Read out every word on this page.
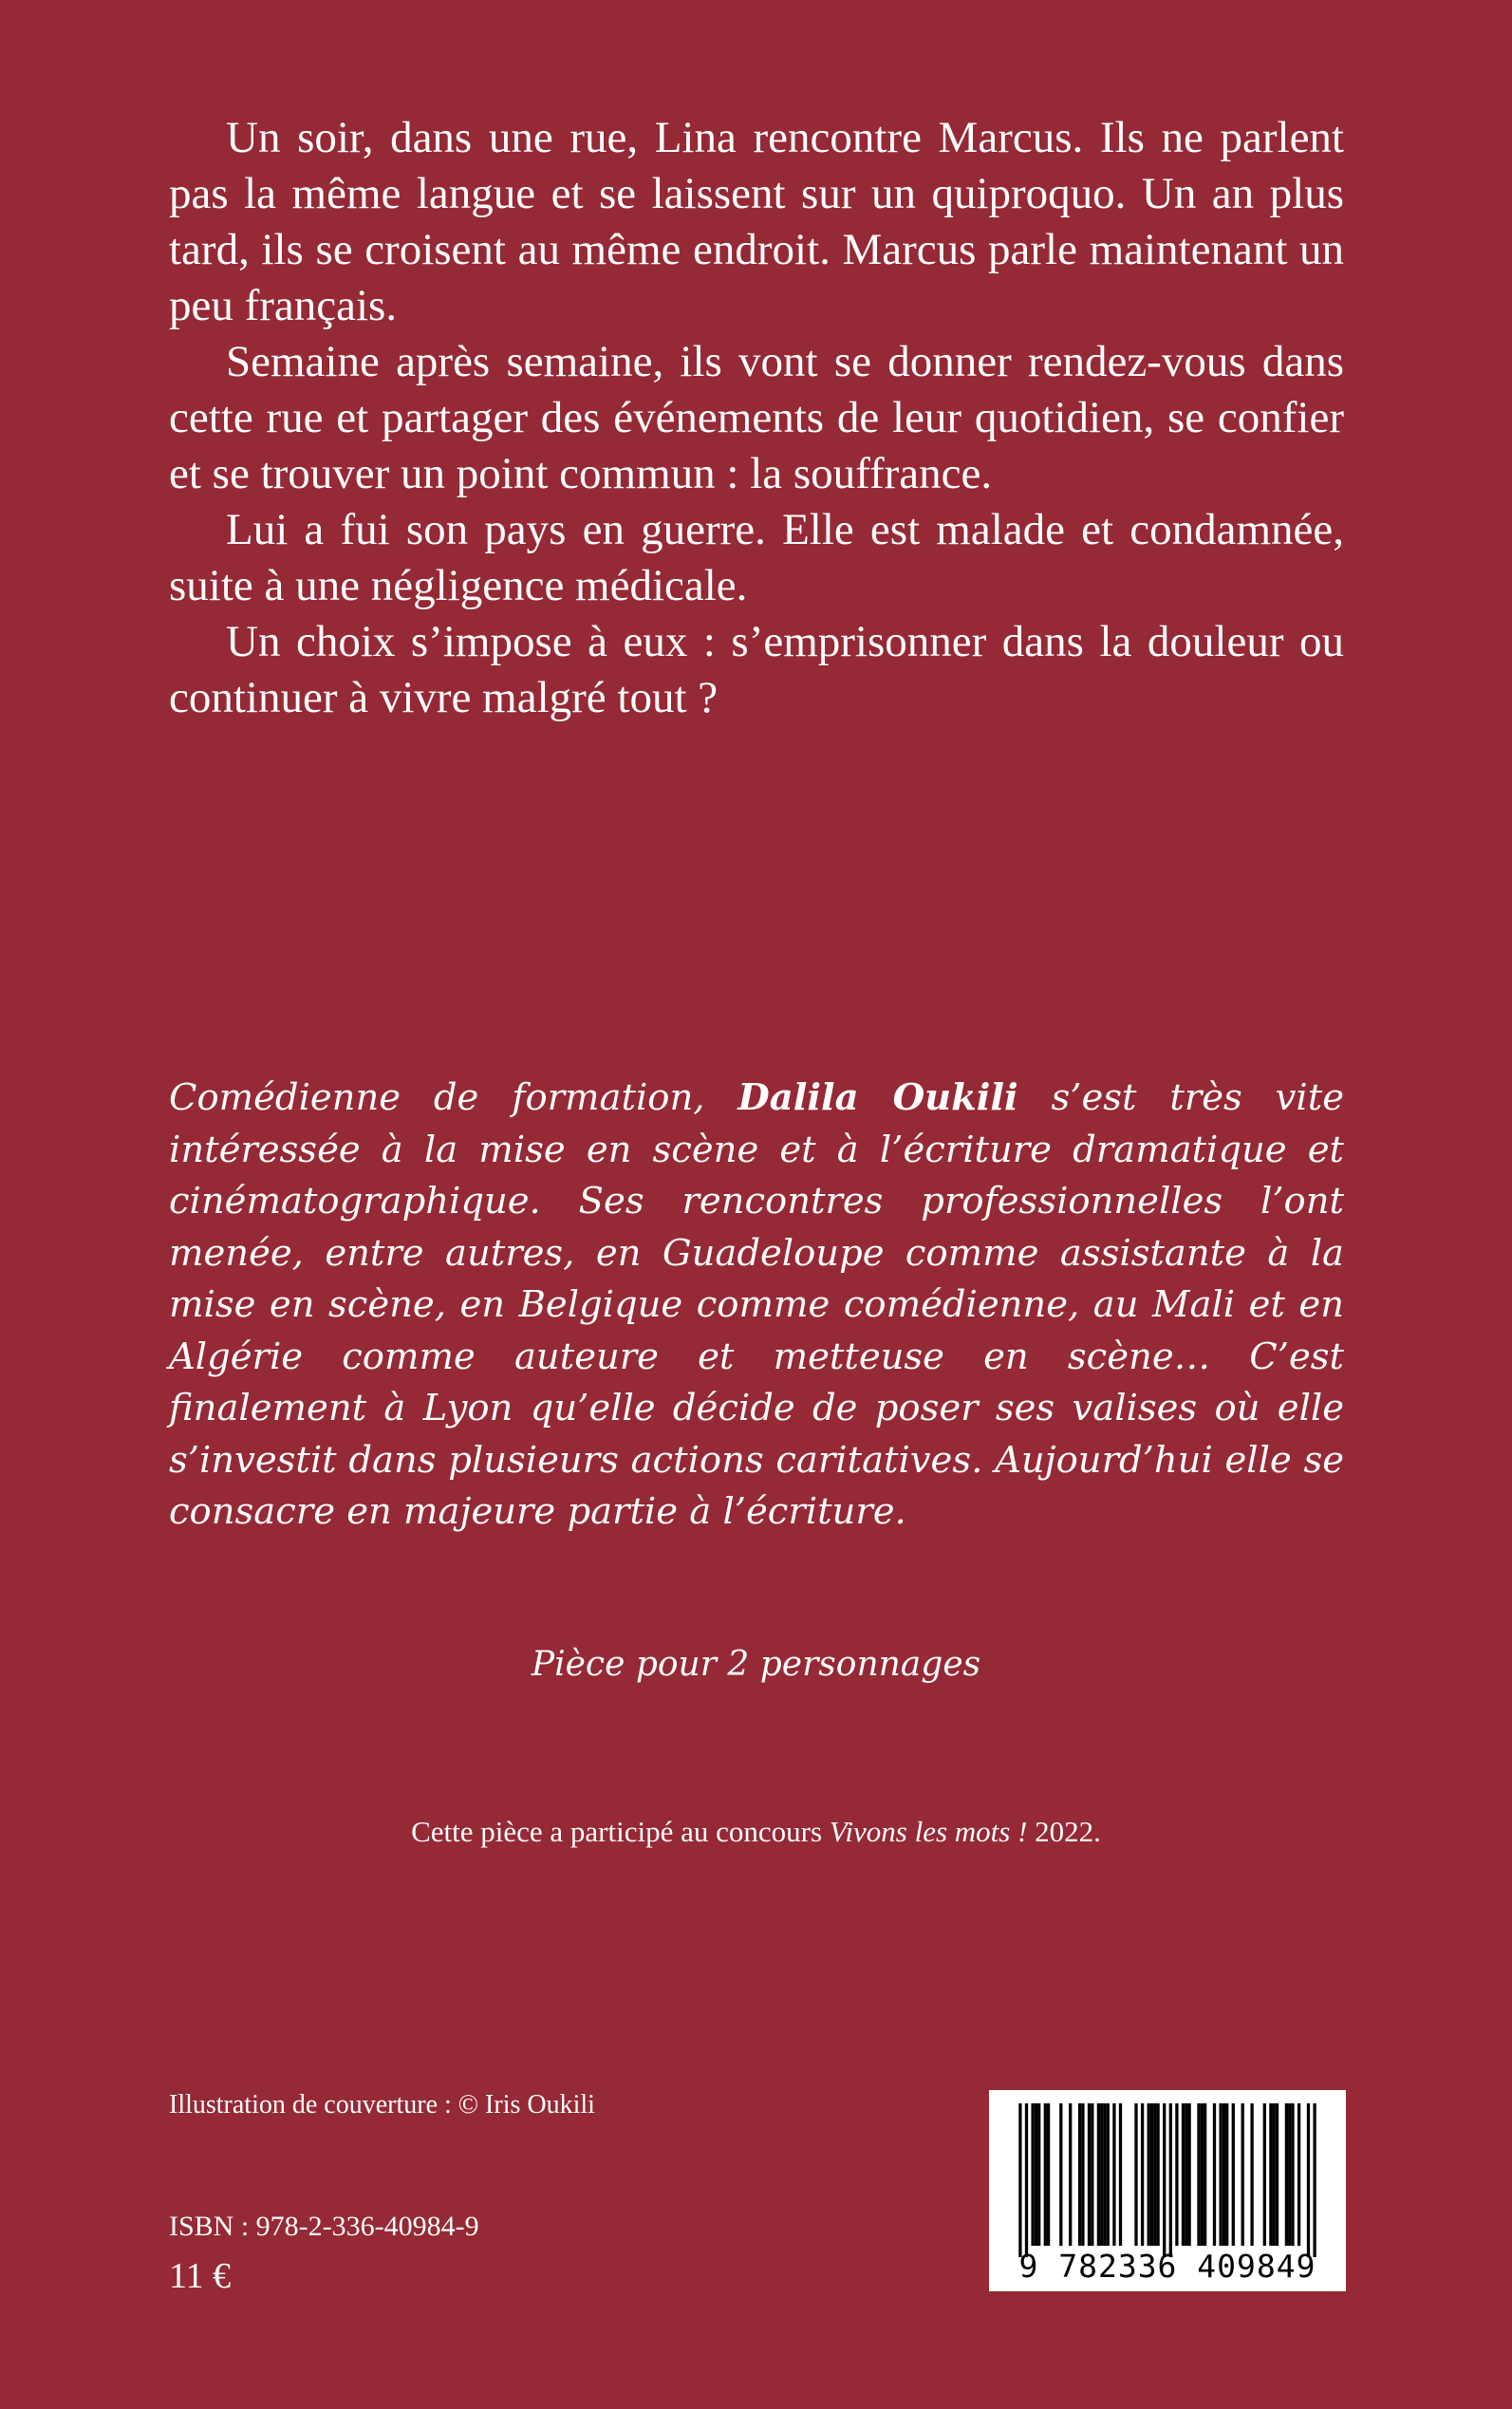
Un soir, dans une rue, Lina rencontre Marcus. Ils ne parlent pas la même langue et se laissent sur un quiproquo. Un an plus tard, ils se croisent au même endroit. Marcus parle maintenant un peu français.

Semaine après semaine, ils vont se donner rendez-vous dans cette rue et partager des événements de leur quotidien, se confier et se trouver un point commun : la souffrance.

Lui a fui son pays en guerre. Elle est malade et condamnée, suite à une négligence médicale.

Un choix s’impose à eux : s’emprisonner dans la douleur ou continuer à vivre malgré tout ?

Comédienne de formation, Dalila Oukili s’est très vite intéressée à la mise en scène et à l’écriture dramatique et cinématographique. Ses rencontres professionnelles l’ont menée, entre autres, en Guadeloupe comme assistante à la mise en scène, en Belgique comme comédienne, au Mali et en Algérie comme auteure et metteuse en scène… C’est finalement à Lyon qu’elle décide de poser ses valises où elle s’investit dans plusieurs actions caritatives. Aujourd’hui elle se consacre en majeure partie à l’écriture.

Pièce pour 2 personnages
Cette pièce a participé au concours Vivons les mots ! 2022.
Illustration de couverture : © Iris Oukili
ISBN : 978-2-336-40984-9
11 €	9 782336 409849
